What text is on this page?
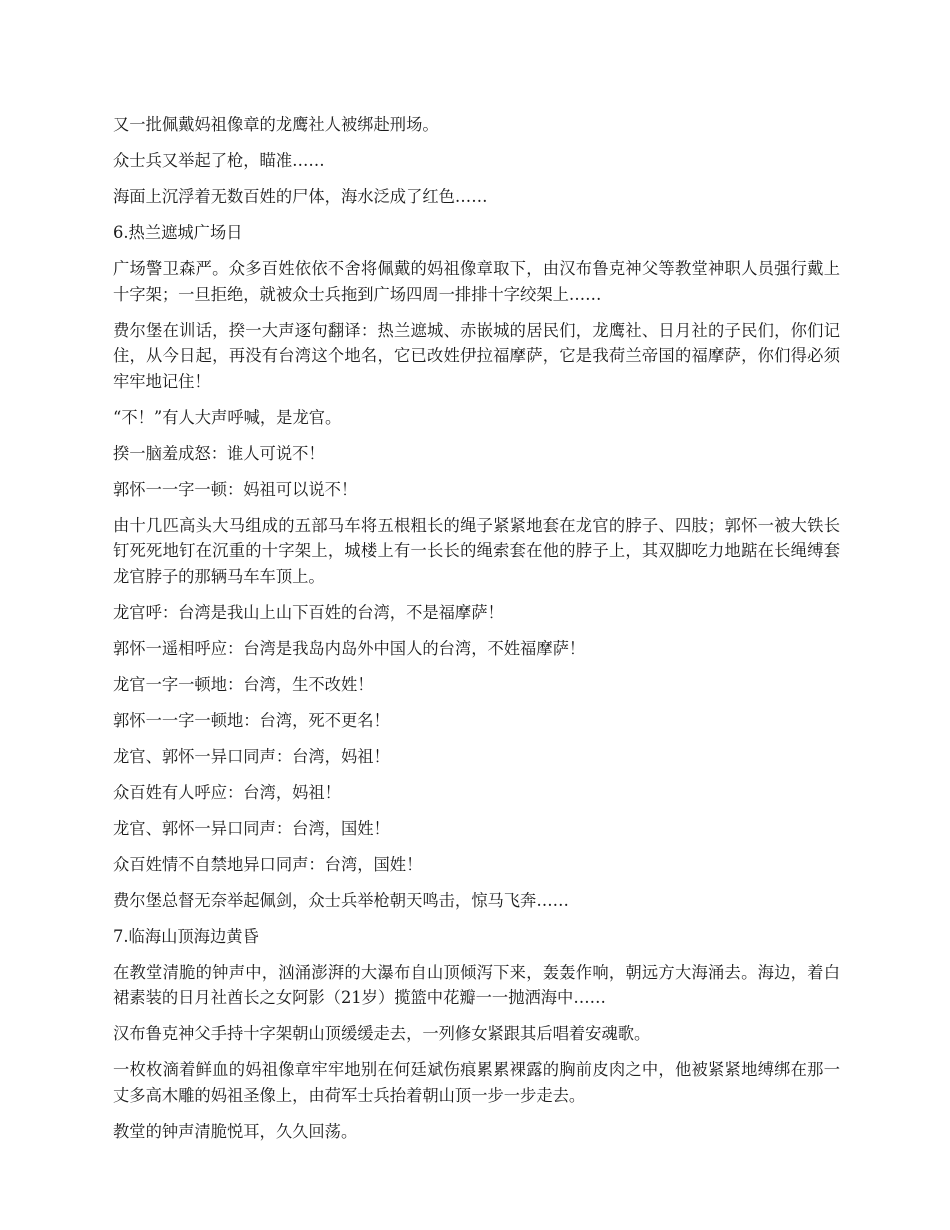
又一批佩戴妈祖像章的龙鹰社人被绑赴刑场。

众士兵又举起了枪，瞄准……

海面上沉浮着无数百姓的尸体，海水泛成了红色……

6.热兰遮城广场日

广场警卫森严。众多百姓依依不舍将佩戴的妈祖像章取下，由汉布鲁克神父等教堂神职人员强行戴上十字架；一旦拒绝，就被众士兵拖到广场四周一排排十字绞架上……

费尔堡在训话，揆一大声逐句翻译：热兰遮城、赤嵌城的居民们，龙鹰社、日月社的子民们，你们记住，从今日起，再没有台湾这个地名，它已改姓伊拉福摩萨，它是我荷兰帝国的福摩萨，你们得必须牢牢地记住！

“不！”有人大声呼喊，是龙官。

揆一脑羞成怒：谁人可说不！

郭怀一一字一顿：妈祖可以说不！

由十几匹高头大马组成的五部马车将五根粗长的绳子紧紧地套在龙官的脖子、四肢；郭怀一被大铁长钉死死地钉在沉重的十字架上，城楼上有一长长的绳索套在他的脖子上，其双脚吃力地踮在长绳缚套龙官脖子的那辆马车车顶上。

龙官呼：台湾是我山上山下百姓的台湾，不是福摩萨！

郭怀一遥相呼应：台湾是我岛内岛外中国人的台湾，不姓福摩萨！

龙官一字一顿地：台湾，生不改姓！

郭怀一一字一顿地：台湾，死不更名！

龙官、郭怀一异口同声：台湾，妈祖！

众百姓有人呼应：台湾，妈祖！

龙官、郭怀一异口同声：台湾，国姓！

众百姓情不自禁地异口同声：台湾，国姓！

费尔堡总督无奈举起佩剑，众士兵举枪朝天鸣击，惊马飞奔……

7.临海山顶海边黄昏

在教堂清脆的钟声中，汹涌澎湃的大瀑布自山顶倾泻下来，轰轰作响，朝远方大海涌去。海边，着白裙素装的日月社酋长之女阿影（21岁）揽篮中花瓣一一抛洒海中……

汉布鲁克神父手持十字架朝山顶缓缓走去，一列修女紧跟其后唱着安魂歌。

一枚枚滴着鲜血的妈祖像章牢牢地别在何廷斌伤痕累累裸露的胸前皮肉之中，他被紧紧地缚绑在那一丈多高木雕的妈祖圣像上，由荷军士兵抬着朝山顶一步一步走去。

教堂的钟声清脆悦耳，久久回荡。
